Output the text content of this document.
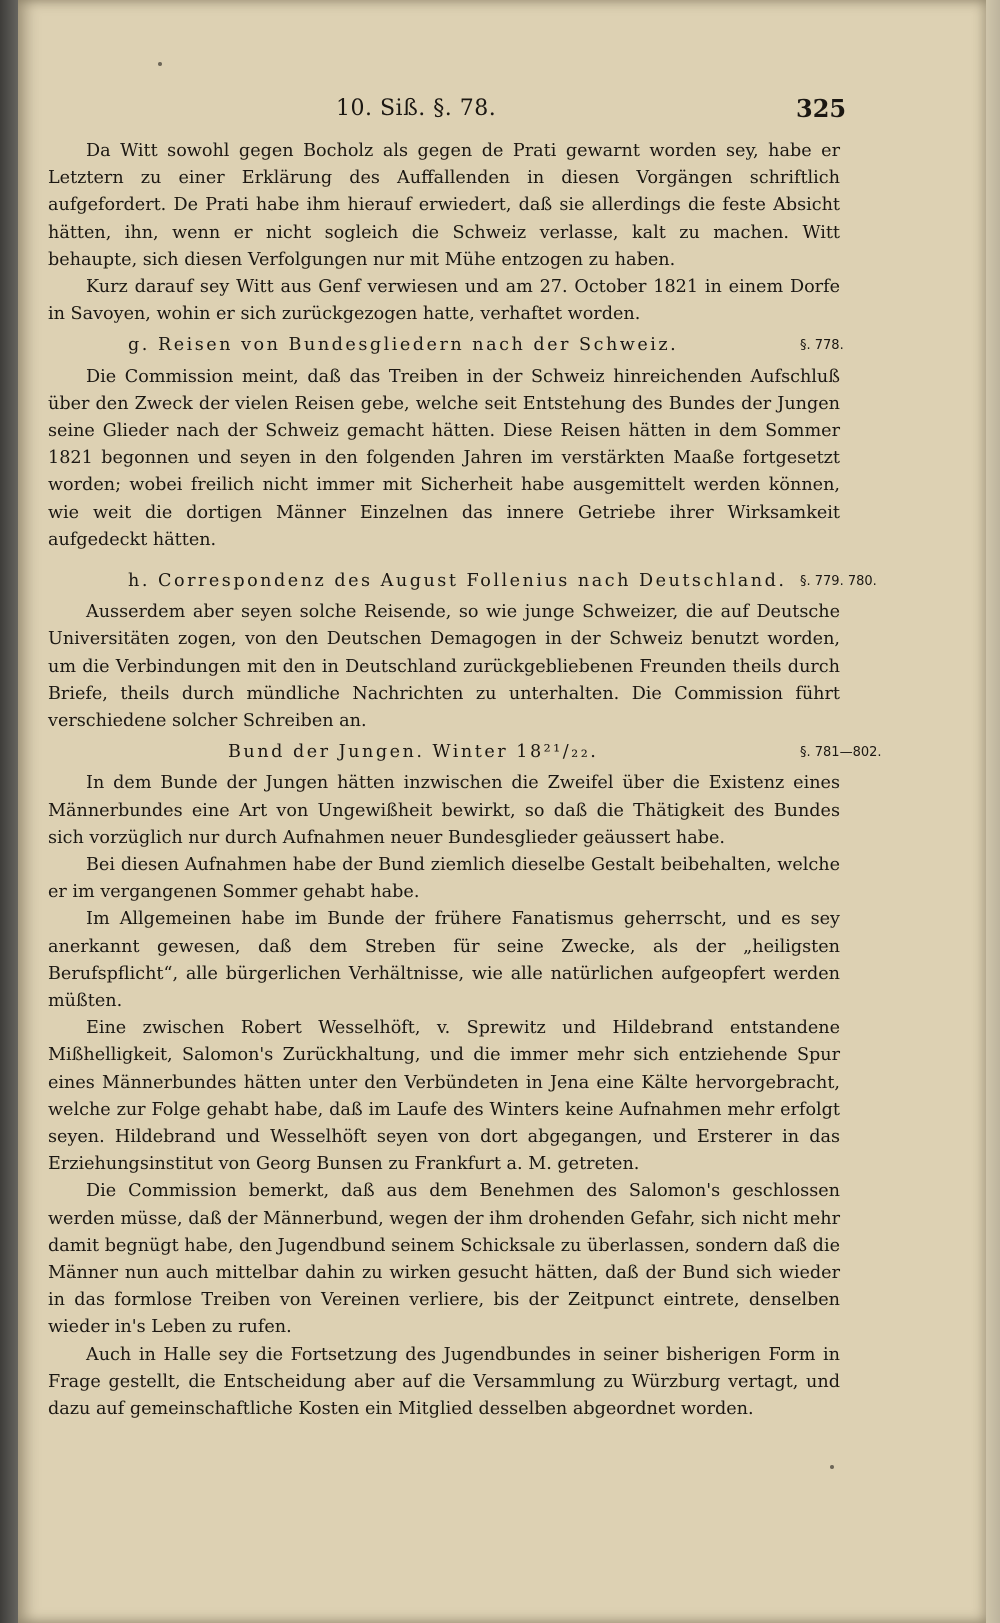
10. Siß. §. 78.	325

Da Witt sowohl gegen Bocholz als gegen de Prati gewarnt worden sey, habe er Letztern zu einer Erklärung des Auffallenden in diesen Vorgängen schriftlich aufgefordert. De Prati habe ihm hierauf erwiedert, daß sie allerdings die feste Absicht hätten, ihn, wenn er nicht sogleich die Schweiz verlasse, kalt zu machen. Witt behaupte, sich diesen Verfolgungen nur mit Mühe entzogen zu haben.

Kurz darauf sey Witt aus Genf verwiesen und am 27. October 1821 in einem Dorfe in Savoyen, wohin er sich zurückgezogen hatte, verhaftet worden.

g. Reisen von Bundesgliedern nach der Schweiz.	§. 778.

Die Commission meint, daß das Treiben in der Schweiz hinreichenden Aufschluß über den Zweck der vielen Reisen gebe, welche seit Entstehung des Bundes der Jungen seine Glieder nach der Schweiz gemacht hätten. Diese Reisen hätten in dem Sommer 1821 begonnen und seyen in den folgenden Jahren im verstärkten Maaße fortgesetzt worden; wobei freilich nicht immer mit Sicherheit habe ausgemittelt werden können, wie weit die dortigen Männer Einzelnen das innere Getriebe ihrer Wirksamkeit aufgedeckt hätten.

h. Correspondenz des August Follenius nach Deutschland. §. 779. 780.

Ausserdem aber seyen solche Reisende, so wie junge Schweizer, die auf Deutsche Universitäten zogen, von den Deutschen Demagogen in der Schweiz benutzt worden, um die Verbindungen mit den in Deutschland zurückgebliebenen Freunden theils durch Briefe, theils durch mündliche Nachrichten zu unterhalten. Die Commission führt verschiedene solcher Schreiben an.

Bund der Jungen. Winter 18²¹/₂₂.	§. 781—802.

In dem Bunde der Jungen hätten inzwischen die Zweifel über die Existenz eines Männerbundes eine Art von Ungewißheit bewirkt, so daß die Thätigkeit des Bundes sich vorzüglich nur durch Aufnahmen neuer Bundesglieder geäussert habe.

Bei diesen Aufnahmen habe der Bund ziemlich dieselbe Gestalt beibehalten, welche er im vergangenen Sommer gehabt habe.

Im Allgemeinen habe im Bunde der frühere Fanatismus geherrscht, und es sey anerkannt gewesen, daß dem Streben für seine Zwecke, als der „heiligsten Berufspflicht“, alle bürgerlichen Verhältnisse, wie alle natürlichen aufgeopfert werden müßten.

Eine zwischen Robert Wesselhöft, v. Sprewitz und Hildebrand entstandene Mißhelligkeit, Salomon's Zurückhaltung, und die immer mehr sich entziehende Spur eines Männerbundes hätten unter den Verbündeten in Jena eine Kälte hervorgebracht, welche zur Folge gehabt habe, daß im Laufe des Winters keine Aufnahmen mehr erfolgt seyen. Hildebrand und Wesselhöft seyen von dort abgegangen, und Ersterer in das Erziehungsinstitut von Georg Bunsen zu Frankfurt a. M. getreten.

Die Commission bemerkt, daß aus dem Benehmen des Salomon's geschlossen werden müsse, daß der Männerbund, wegen der ihm drohenden Gefahr, sich nicht mehr damit begnügt habe, den Jugendbund seinem Schicksale zu überlassen, sondern daß die Männer nun auch mittelbar dahin zu wirken gesucht hätten, daß der Bund sich wieder in das formlose Treiben von Vereinen verliere, bis der Zeitpunct eintrete, denselben wieder in's Leben zu rufen.

Auch in Halle sey die Fortsetzung des Jugendbundes in seiner bisherigen Form in Frage gestellt, die Entscheidung aber auf die Versammlung zu Würzburg vertagt, und dazu auf gemeinschaftliche Kosten ein Mitglied desselben abgeordnet worden.
